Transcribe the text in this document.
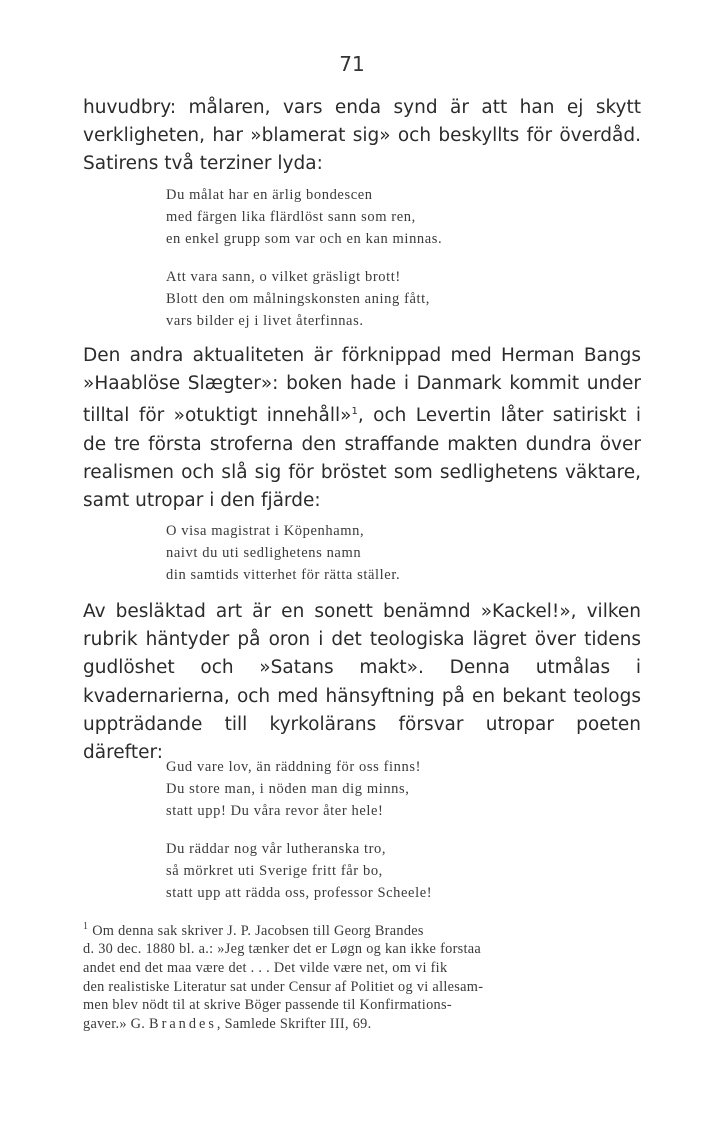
71

huvudbry: målaren, vars enda synd är att han ej skytt verkligheten, har »blamerat sig» och beskyllts för överdåd. Satirens två terziner lyda:

Du målat har en ärlig bondescen
med färgen lika flärdlöst sann som ren,
en enkel grupp som var och en kan minnas.
Att vara sann, o vilket gräsligt brott!
Blott den om målningskonsten aning fått,
vars bilder ej i livet återfinnas.

Den andra aktualiteten är förknippad med Herman Bangs »Haablöse Slægter»: boken hade i Danmark kommit under tilltal för »otuktigt innehåll»$^1$, och Levertin låter satiriskt i de tre första stroferna den straffande makten dundra över realismen och slå sig för bröstet som sedlighetens väktare, samt utropar i den fjärde:

O visa magistrat i Köpenhamn,
naivt du uti sedlighetens namn
din samtids vitterhet för rätta ställer.

Av besläktad art är en sonett benämnd »Kackel!», vilken rubrik häntyder på oron i det teologiska lägret över tidens gudlöshet och »Satans makt». Denna utmålas i kvadernarierna, och med hänsyftning på en bekant teologs uppträdande till kyrkolärans försvar utropar poeten därefter:

Gud vare lov, än räddning för oss finns!
Du store man, i nöden man dig minns,
statt upp! Du våra revor åter hele!
Du räddar nog vår lutheranska tro,
så mörkret uti Sverige fritt får bo,
statt upp att rädda oss, professor Scheele!
$^1$ Om denna sak skriver J. P. Jacobsen till Georg Brandes
d. 30 dec. 1880 bl. a.: »Jeg tænker det er Løgn og kan ikke forstaa
andet end det maa være det . . . Det vilde være net, om vi fik
den realistiske Literatur sat under Censur af Politiet og vi allesam-
men blev nödt til at skrive Böger passende til Konfirmations-
gaver.» G. Brandes, Samlede Skrifter III, 69.
